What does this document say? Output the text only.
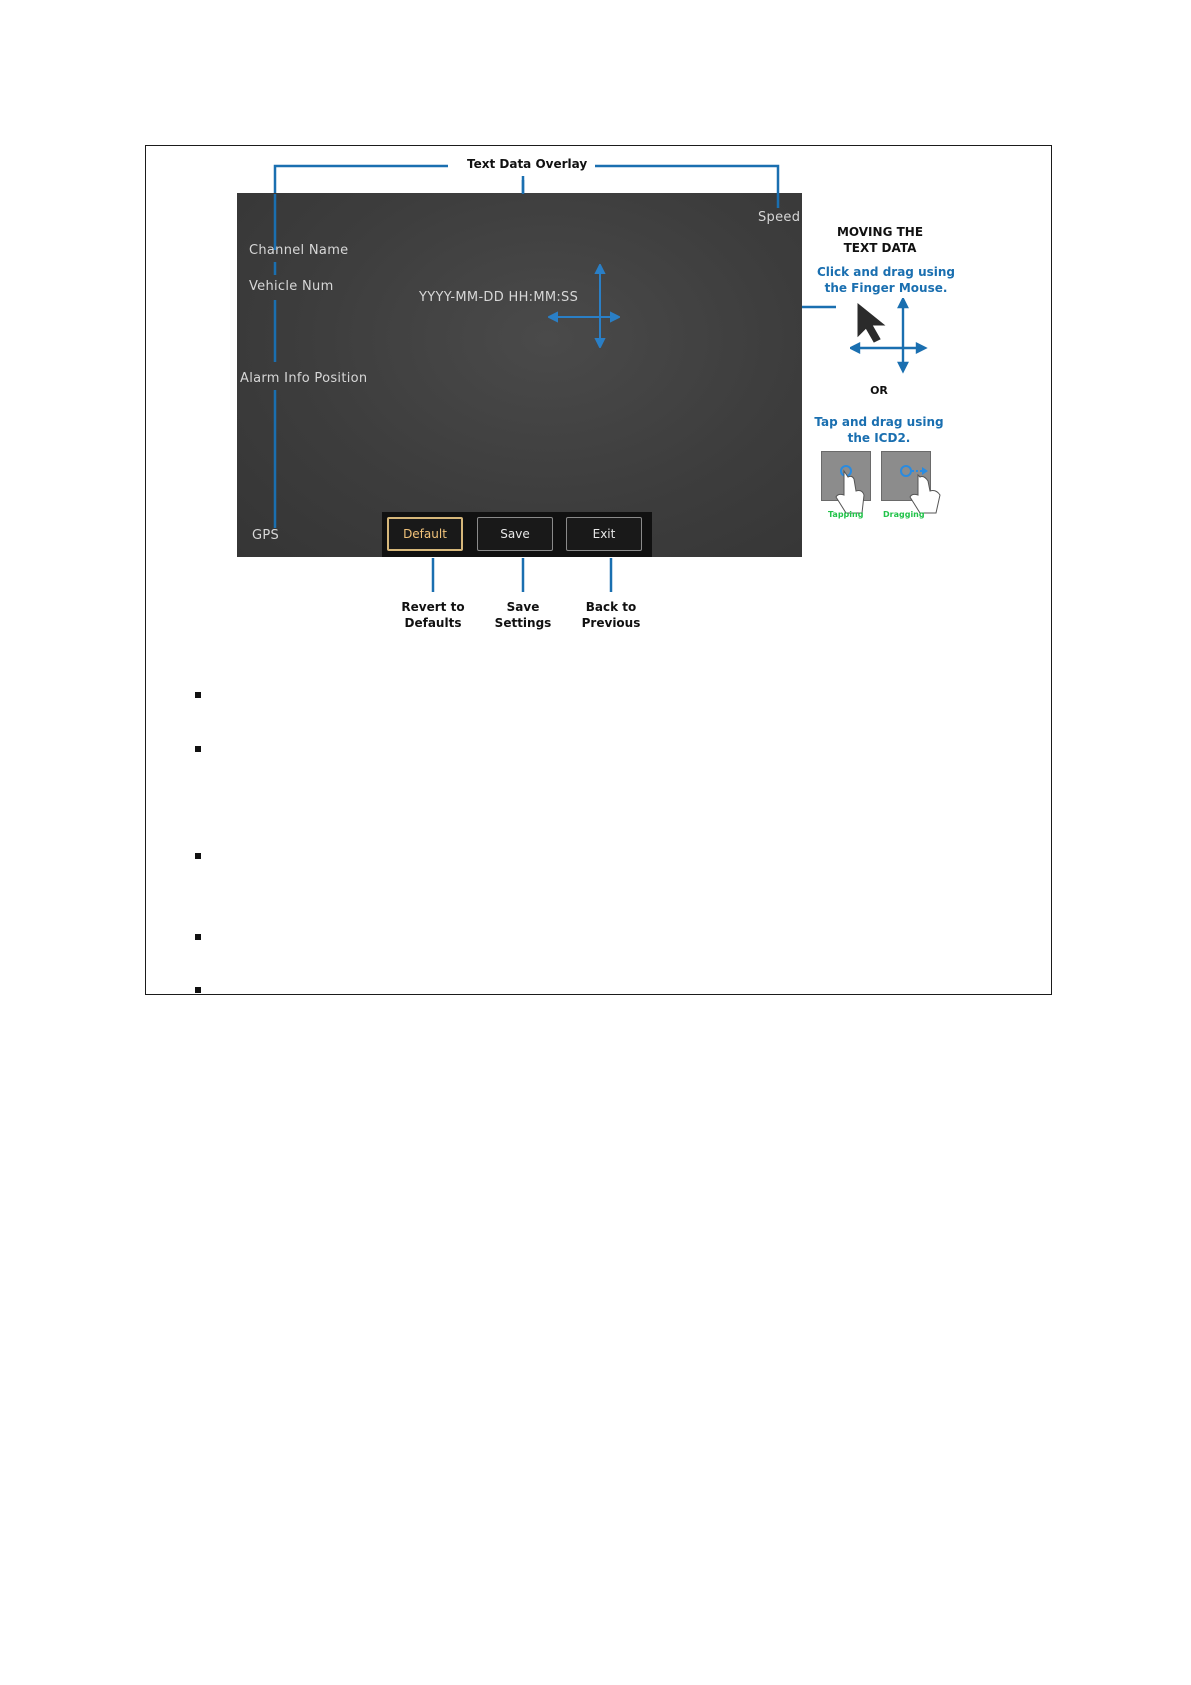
Text Data Overlay
Speed
Channel Name
Vehicle Num
YYYY-MM-DD HH:MM:SS
Alarm Info Position
GPS	Default	Save	Exit
Revert to
Defaults
Save
Settings
Back to
Previous
MOVING THE
TEXT DATA
Click and drag using
the Finger Mouse.
OR
Tap and drag using
the ICD2.
Tapping Dragging
